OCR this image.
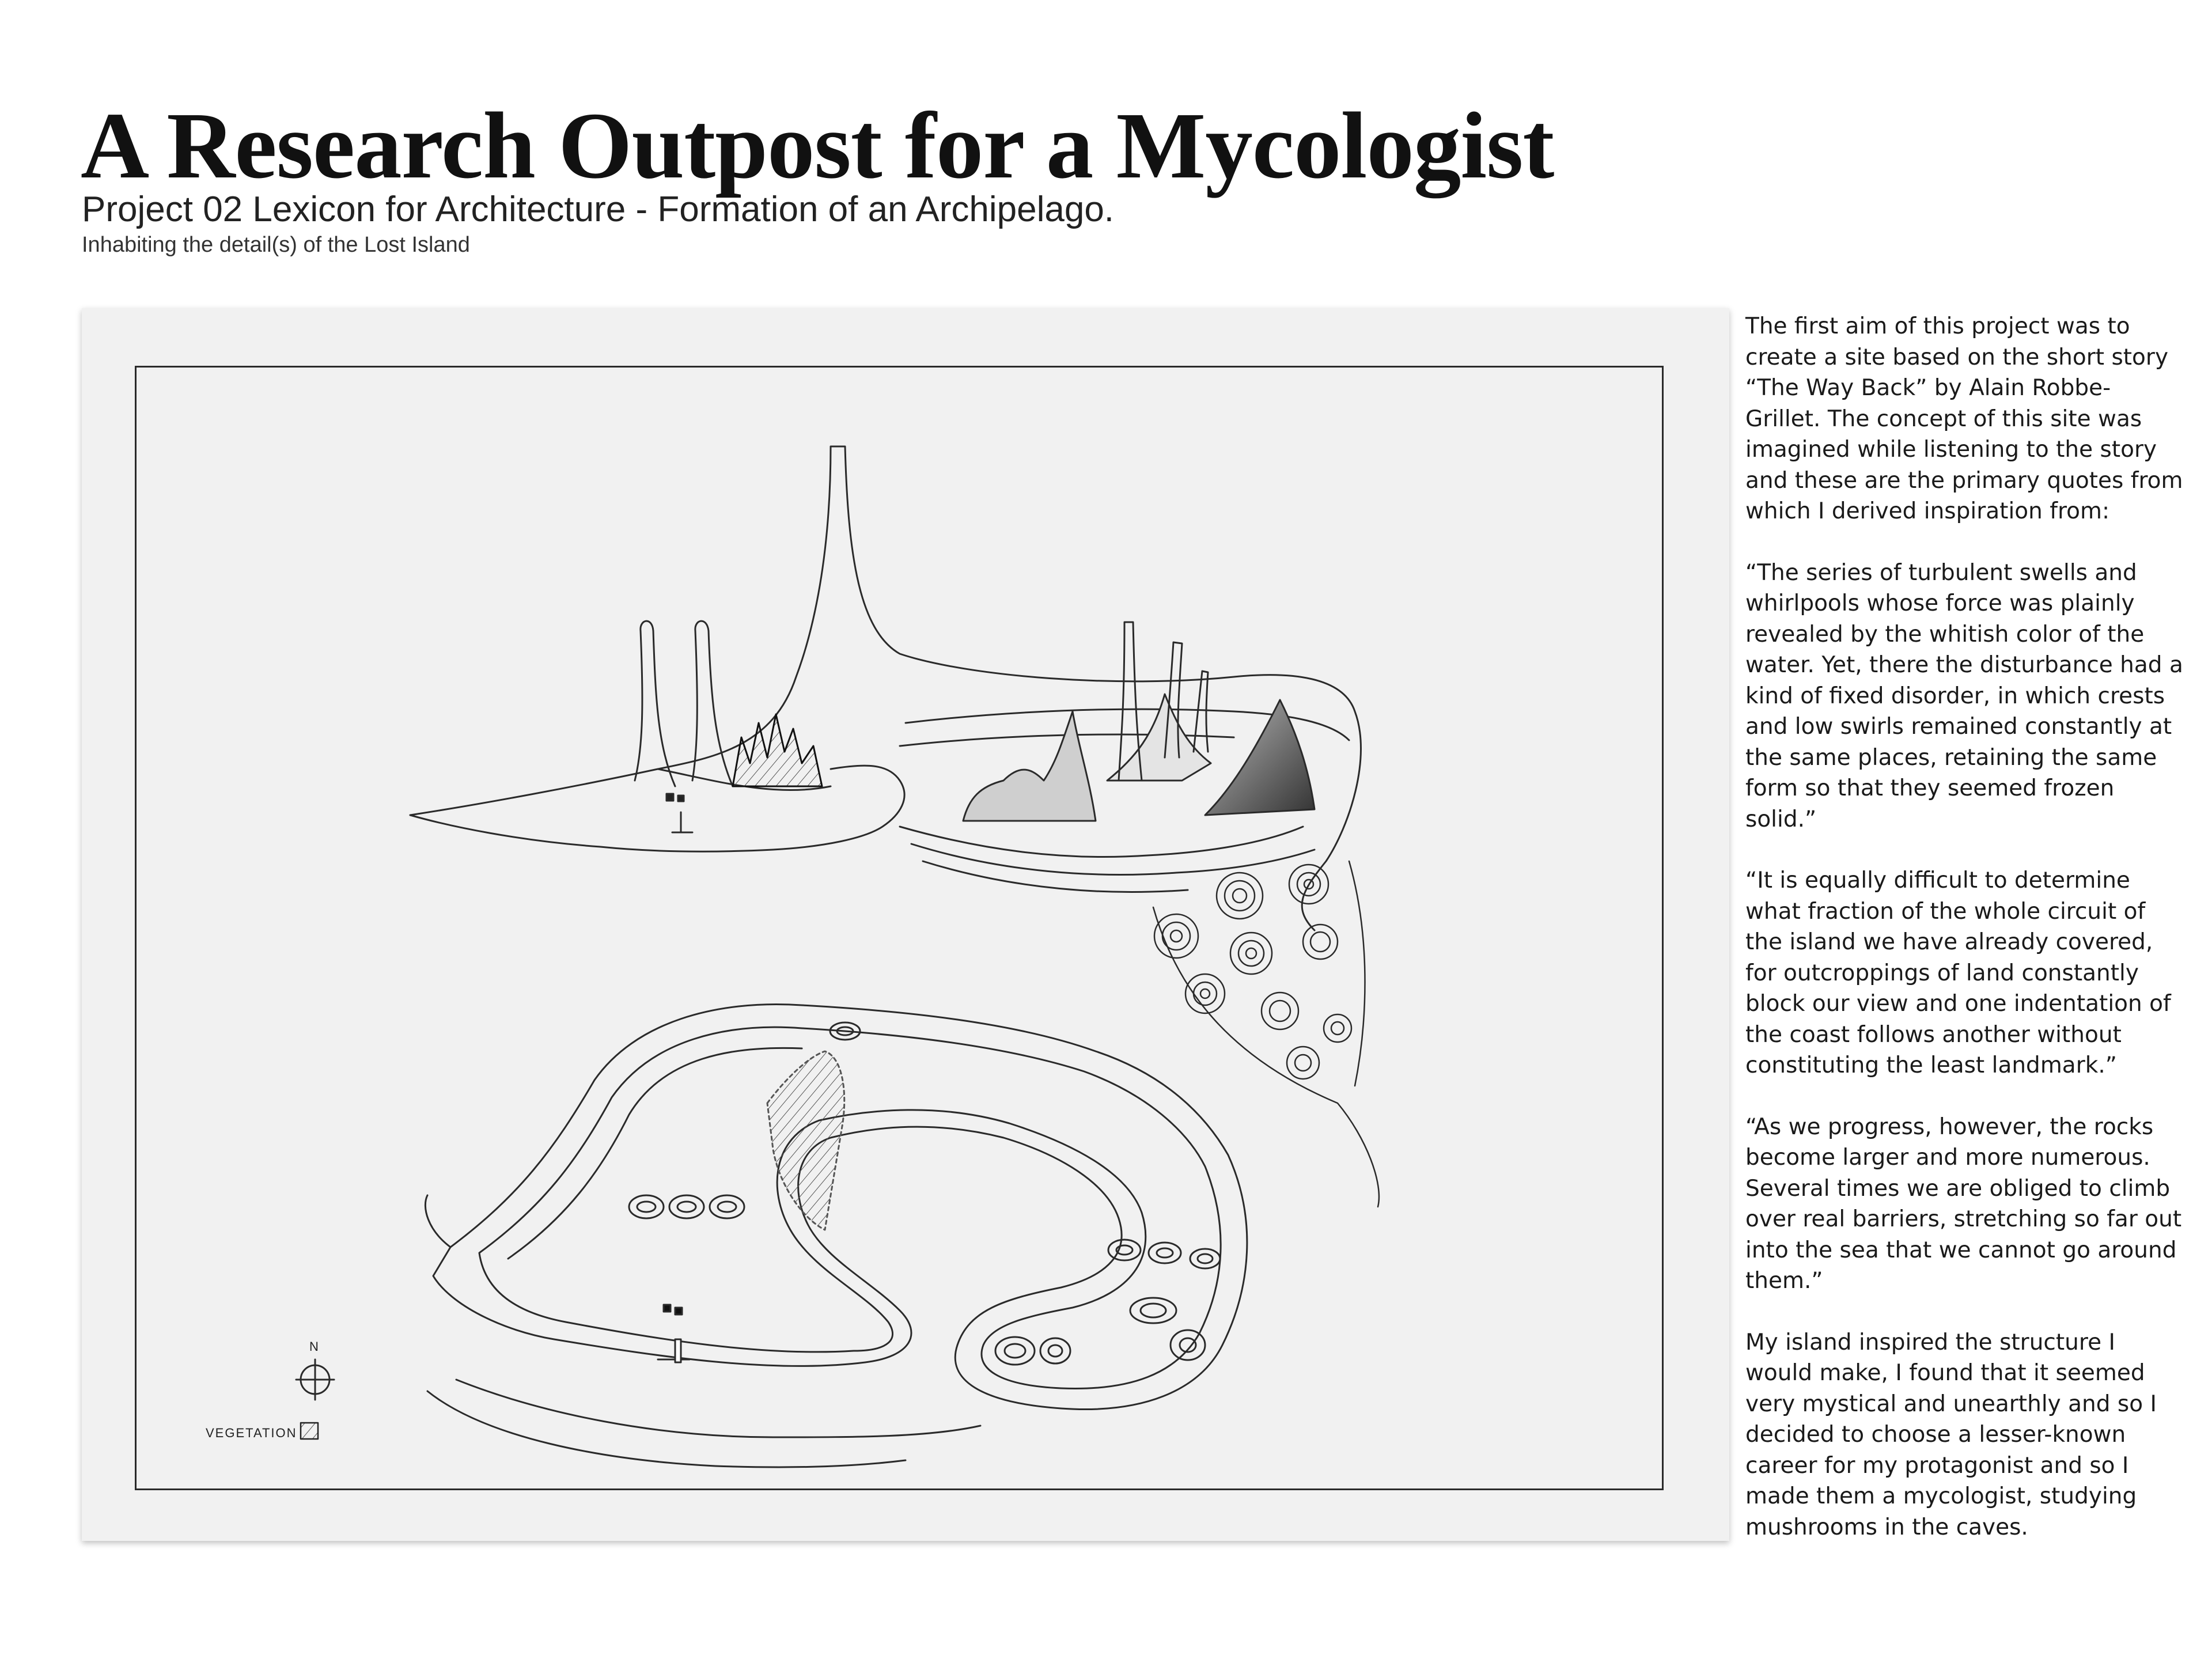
A Research Outpost for a Mycologist
Project 02 Lexicon for Architecture - Formation of an Archipelago.
Inhabiting the detail(s) of the Lost Island
N
VEGETATION

The first aim of this project was to create a site based on the short story “The Way Back” by Alain Robbe-Grillet. The concept of this site was imagined while listening to the story and these are the primary quotes from which I derived inspiration from:

“The series of turbulent swells and whirlpools whose force was plainly revealed by the whitish color of the water. Yet, there the disturbance had a kind of fixed disorder, in which crests and low swirls remained constantly at the same places, retaining the same form so that they seemed frozen solid.”

“It is equally difficult to determine what fraction of the whole circuit of the island we have already covered, for outcroppings of land constantly block our view and one indentation of the coast follows another without constituting the least landmark.”

“As we progress, however, the rocks become larger and more numerous. Several times we are obliged to climb over real barriers, stretching so far out into the sea that we cannot go around them.”

My island inspired the structure I would make, I found that it seemed very mystical and unearthly and so I decided to choose a lesser-known career for my protagonist and so I made them a mycologist, studying mushrooms in the caves.
